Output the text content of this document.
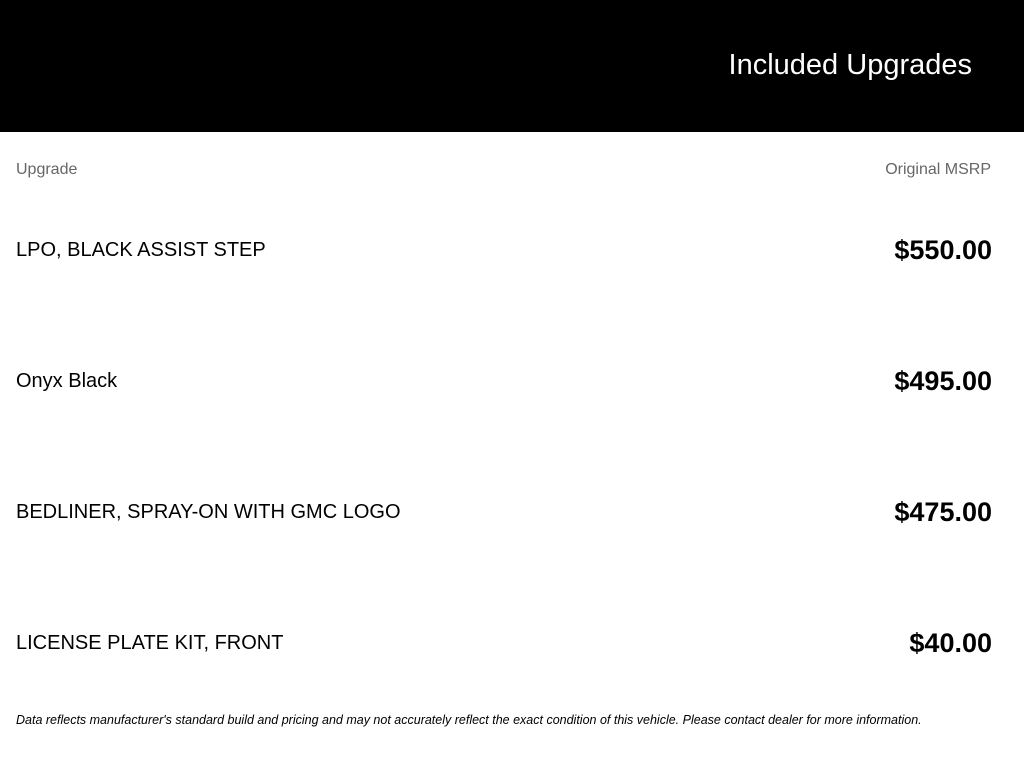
Included Upgrades
Upgrade	Original MSRP
LPO, BLACK ASSIST STEP	$550.00
Onyx Black	$495.00
BEDLINER, SPRAY-ON WITH GMC LOGO	$475.00
LICENSE PLATE KIT, FRONT	$40.00

Data reflects manufacturer's standard build and pricing and may not accurately reflect the exact condition of this vehicle. Please contact dealer for more information.
